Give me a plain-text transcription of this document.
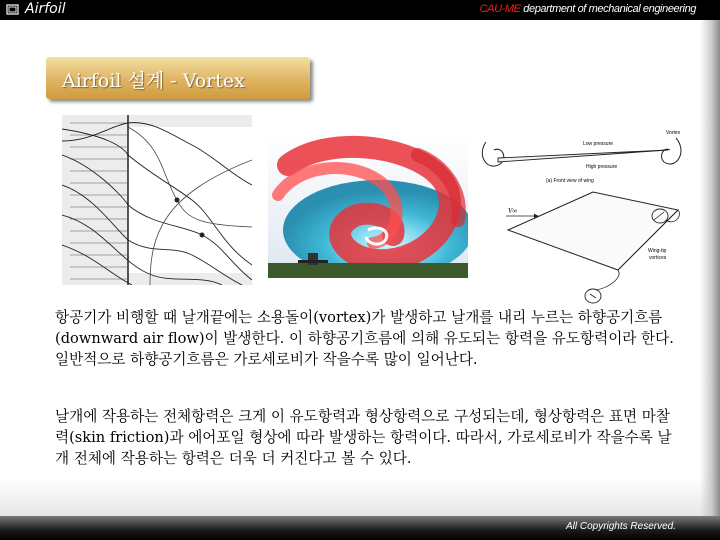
Airfoil	CAU-ME department of mechanical engineering
Airfoil 설계 - Vortex
Low pressure
High pressure
Vortex
(a) Front view of wing
V∞
Wing-tip
vortices

항공기가 비행할 때 날개끝에는 소용돌이(vortex)가 발생하고 날개를 내리 누르는 하향공기흐름(downward air flow)이 발생한다. 이 하향공기흐름에 의해 유도되는 항력을 유도항력이라 한다. 일반적으로 하향공기흐름은 가로세로비가 작을수록 많이 일어난다.

날개에 작용하는 전체항력은 크게 이 유도항력과 형상항력으로 구성되는데, 형상항력은 표면 마찰력(skin friction)과 에어포일 형상에 따라 발생하는 항력이다. 따라서, 가로세로비가 작을수록 날개 전체에 작용하는 항력은 더욱 더 커진다고 볼 수 있다.

All Copyrights Reserved.
